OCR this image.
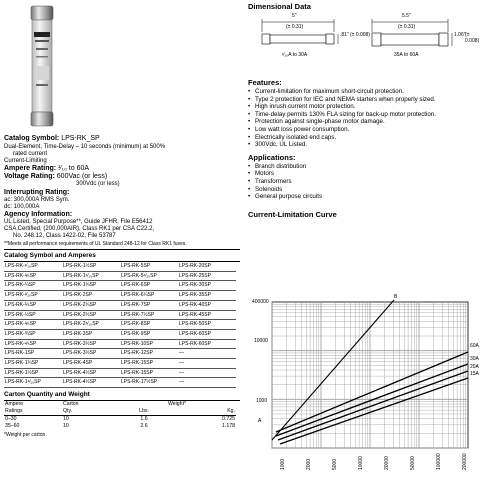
Catalog Symbol: LPS-RK_SP
Dual-Element, Time-Delay – 10 seconds (minimum) at 500%
rated current
Current-Limiting
Ampere Rating: ¹⁄₁₀ to 60A
Voltage Rating: 600Vac (or less)
300Vdc (or less)
Interrupting Rating:
ac: 300,000A RMS Sym.
dc: 100,000A
Agency Information:
UL Listed, Special Purpose**, Guide JFHR, File E56412
CSA Certified, (200,000AIR), Class RK1 per CSA C22.2,
No. 248.12, Class 1422-02, File 53787
**Meets all performance requirements of UL Standard 248-12 for Class RK1 fuses.
Catalog Symbol and Amperes
LPS-RK-¹⁄₁₀SP	LPS-RK-1½SP	LPS-RK-5SP	LPS-RK-20SP
LPS-RK-⅘SP	LPS-RK-1⁶⁄₁₀SP	LPS-RK-5⁶⁄₁₀SP	LPS-RK-25SP
LPS-RK-¼SP	LPS-RK-1¾SP	LPS-RK-6SP	LPS-RK-30SP
LPS-RK-³⁄₁₀SP	LPS-RK-2SP	LPS-RK-6¼SP	LPS-RK-35SP
LPS-RK-⅖SP	LPS-RK-2¼SP	LPS-RK-7SP	LPS-RK-40SP
LPS-RK-½SP	LPS-RK-2½SP	LPS-RK-7½SP	LPS-RK-45SP
LPS-RK-⅘SP	LPS-RK-2⁸⁄₁₀SP	LPS-RK-8SP	LPS-RK-50SP
LPS-RK-¾SP	LPS-RK-3SP	LPS-RK-9SP	LPS-RK-60SP
LPS-RK-⅘SP	LPS-RK-3½SP	LPS-RK-10SP	LPS-RK-60SP
LPS-RK-1SP	LPS-RK-3½SP	LPS-RK-12SP	—
LPS-RK-1¼SP	LPS-RK-4SP	LPS-RK-15SP	—
LPS-RK-1½SP	LPS-RK-4½SP	LPS-RK-15SP	—
LPS-RK-1⁶⁄₁₀SP	LPS-RK-4½SP	LPS-RK-17½SP	—
Carton Quantity and Weight
Ampere	Carton	Weight*	
Ratings	Qty.	Lbs.	Kg.
0–30	10	1.6	0.725
35–60	10	2.6	1.178
*Weight per carton.
Dimensional Data
5"
(± 0.31)
.81" (± 0.008)
¹⁄₁₀A to 30A
5.5"
(± 0.31)
1.06" (± 0.008)
35A to 60A
Features:
• Current-limitation for maximum short-circuit protection.
• Type 2 protection for IEC and NEMA starters when properly sized.
• High inrush current motor protection.
• Time-delay permits 130% FLA sizing for back-up motor protection.
• Protection against single-phase motor damage.
• Low watt loss power consumption.
• Electrically isolated end caps.
• 300Vdc, UL Listed.
Applications:
• Branch distribution
• Motors
• Transformers
• Solenoids
• General purpose circuits
Current-Limitation Curve
1000	2000	5000	10000	20000	50000	100000	200000
400000
10000
1000
A
B
60A
30A
20A
15A
